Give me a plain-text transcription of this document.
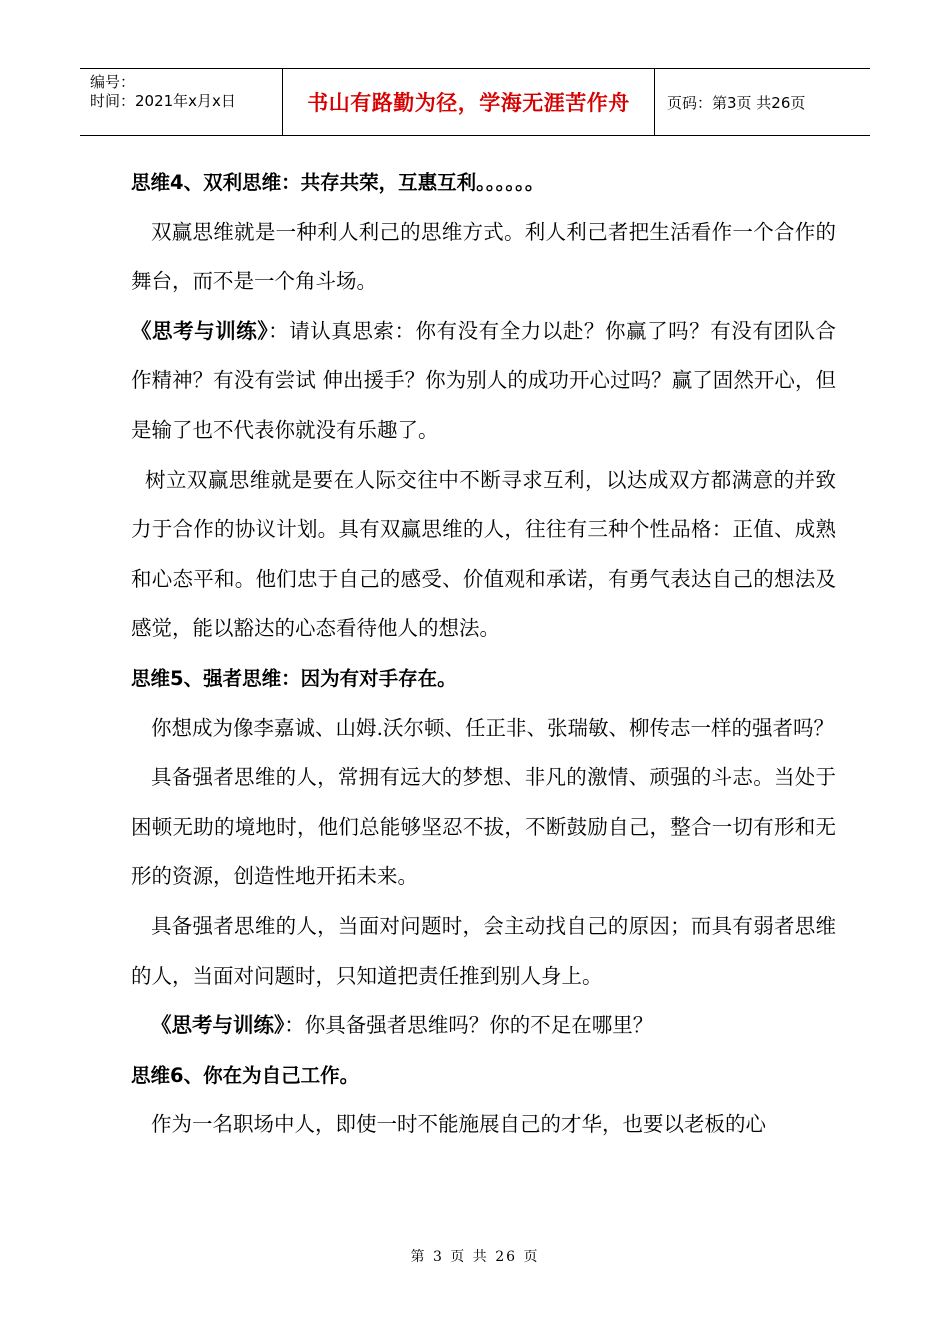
编号：
时间：2021年x月x日	书山有路勤为径，学海无涯苦作舟	页码：第3页 共26页

思维4、双利思维：共存共荣，互惠互利。。。。。。

双赢思维就是一种利人利己的思维方式。利人利己者把生活看作一个合作的舞台，而不是一个角斗场。

《思考与训练》：请认真思索：你有没有全力以赴？你赢了吗？有没有团队合作精神？有没有尝试 伸出援手？你为别人的成功开心过吗？赢了固然开心，但是输了也不代表你就没有乐趣了。

树立双赢思维就是要在人际交往中不断寻求互利，以达成双方都满意的并致力于合作的协议计划。具有双赢思维的人，往往有三种个性品格：正值、成熟和心态平和。他们忠于自己的感受、价值观和承诺，有勇气表达自己的想法及感觉，能以豁达的心态看待他人的想法。

思维5、强者思维：因为有对手存在。

你想成为像李嘉诚、山姆.沃尔顿、任正非、张瑞敏、柳传志一样的强者吗？

具备强者思维的人，常拥有远大的梦想、非凡的激情、顽强的斗志。当处于困顿无助的境地时，他们总能够坚忍不拔，不断鼓励自己，整合一切有形和无形的资源，创造性地开拓未来。

具备强者思维的人，当面对问题时，会主动找自己的原因；而具有弱者思维的人，当面对问题时，只知道把责任推到别人身上。

《思考与训练》：你具备强者思维吗？你的不足在哪里？

思维6、你在为自己工作。

作为一名职场中人，即使一时不能施展自己的才华，也要以老板的心

第 3 页 共 26 页
